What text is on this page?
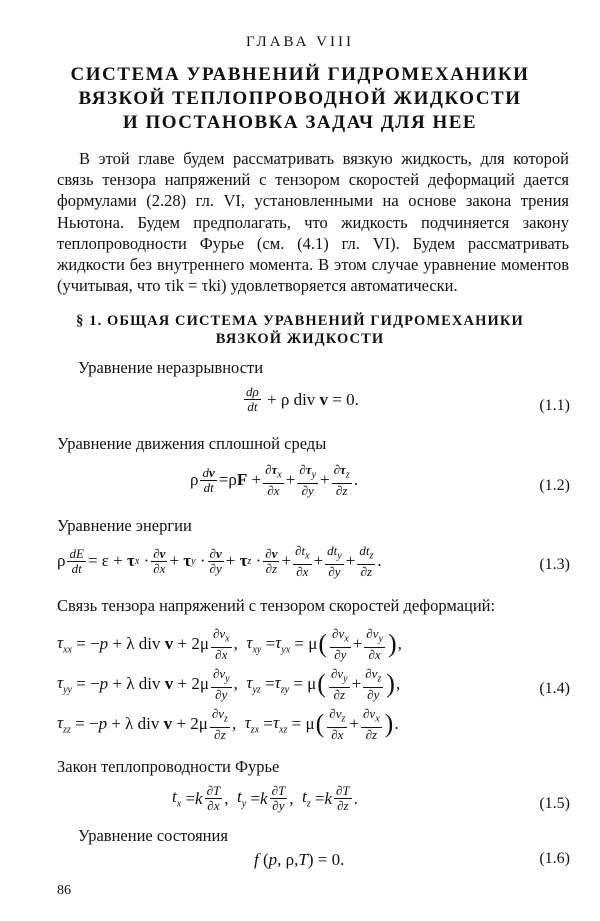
ГЛАВА VIII
СИСТЕМА УРАВНЕНИЙ ГИДРОМЕХАНИКИ
ВЯЗКОЙ ТЕПЛОПРОВОДНОЙ ЖИДКОСТИ
И ПОСТАНОВКА ЗАДАЧ ДЛЯ НЕЕ
В этой главе будем рассматривать вязкую жидкость, для которой связь тензора напряжений с тензором скоростей деформаций дается формулами (2.28) гл. VI, установленными на основе закона трения Ньютона. Будем предполагать, что жидкость подчиняется закону теплопроводности Фурье (см. (4.1) гл. VI). Будем рассматривать жидкости без внутреннего момента. В этом случае уравнение моментов (учитывая, что τik = τki) удовлетворяется автоматически.
§ 1. ОБЩАЯ СИСТЕМА УРАВНЕНИЙ ГИДРОМЕХАНИКИ
ВЯЗКОЙ ЖИДКОСТИ
Уравнение неразрывности
dρ
dt + ρ div v = 0.	(1.1)
Уравнение движения сплошной среды
ρ $\frac{dv}{dt} =\rho F + \frac{\partial\tau_x}{\partial x} + \frac{\partial\tau_y}{\partial y} + \frac{\partial\tau_z}{\partial z}$ .	(1.2)
Уравнение энергии
ρ $\frac{dE}{dt} = \varepsilon + \tau$ x · ∂v
∂x + τ y · ∂v
∂y + τ z · ∂v
$\partial z + \frac{\partial t_x}{\partial x}$ +
$dt_y$
∂y
+
$dt_z$
∂z
.	(1.3)
Связь тензора напряжений с тензором скоростей деформаций:
$\tau_{xx}$ = − p + λ div v + 2μ
$\partial v_x$
∂x
, $\tau_{xy} = \tau_{yx} = \mu$ ( $\partial v_x$
∂y
+ $\frac{\partial v_y}{\partial x}$ ) ,
$\tau_{yy}$ = − p + λ div v + 2μ
$\partial v_y$
∂y
, $\tau_{yz} = \tau_{zy} = \mu$ ( $\partial v_y$
∂z
+ $\frac{\partial v_z}{\partial y}$ ) ,	(1.4)
$\tau_{zz}$ = − p + λ div v + 2μ
$\partial v_z$
∂z
, $\tau_{zx} = \tau_{xz} = \mu$ ( $\partial v_z$
∂x
+ $\frac{\partial v_x}{\partial z}$ ) .
Закон теплопроводности Фурье
$t_x = k$ ∂T
∂x , $t_y = k$ ∂T
∂y , $t_z = k$ ∂T
∂z .	(1.5)
Уравнение состояния
f ( p , ρ, T ) = 0.	(1.6)
86
